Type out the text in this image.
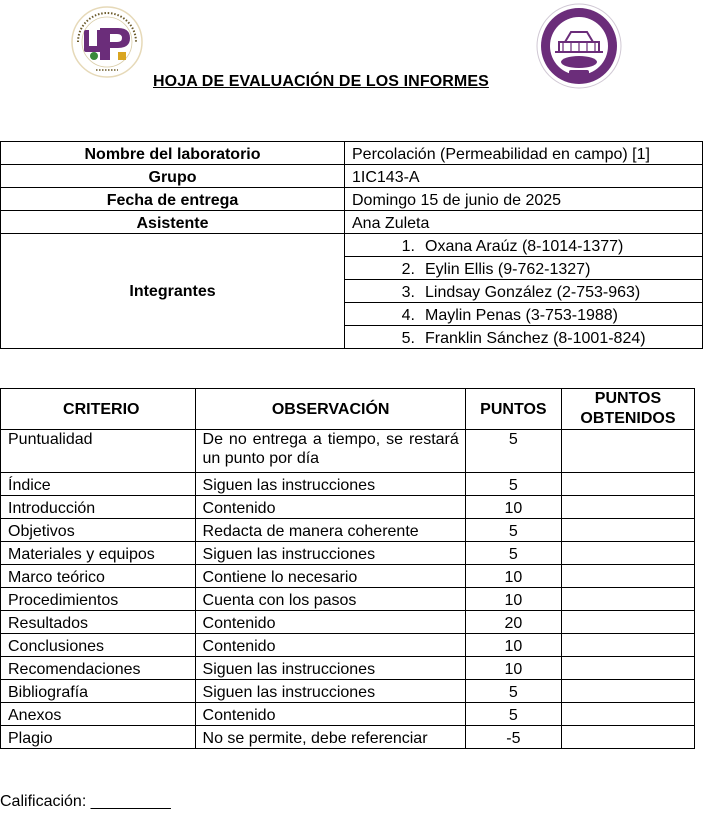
HOJA DE EVALUACIÓN DE LOS INFORMES
Nombre del laboratorio	Percolación (Permeabilidad en campo) [1]
Grupo	1IC143-A
Fecha de entrega	Domingo 15 de junio de 2025
Asistente	Ana Zuleta
Integrantes	1. Oxana Araúz (8-1014-1377)
	2. Eylin Ellis (9-762-1327)
	3. Lindsay González (2-753-963)
	4. Maylin Penas (3-753-1988)
	5. Franklin Sánchez (8-1001-824)
CRITERIO	OBSERVACIÓN	PUNTOS	PUNTOS OBTENIDOS
Puntualidad	De no entrega a tiempo, se restará un punto por día	5	
Índice	Siguen las instrucciones	5	
Introducción	Contenido	10	
Objetivos	Redacta de manera coherente	5	
Materiales y equipos	Siguen las instrucciones	5	
Marco teórico	Contiene lo necesario	10	
Procedimientos	Cuenta con los pasos	10	
Resultados	Contenido	20	
Conclusiones	Contenido	10	
Recomendaciones	Siguen las instrucciones	10	
Bibliografía	Siguen las instrucciones	5	
Anexos	Contenido	5	
Plagio	No se permite, debe referenciar	-5	
Calificación: _________
